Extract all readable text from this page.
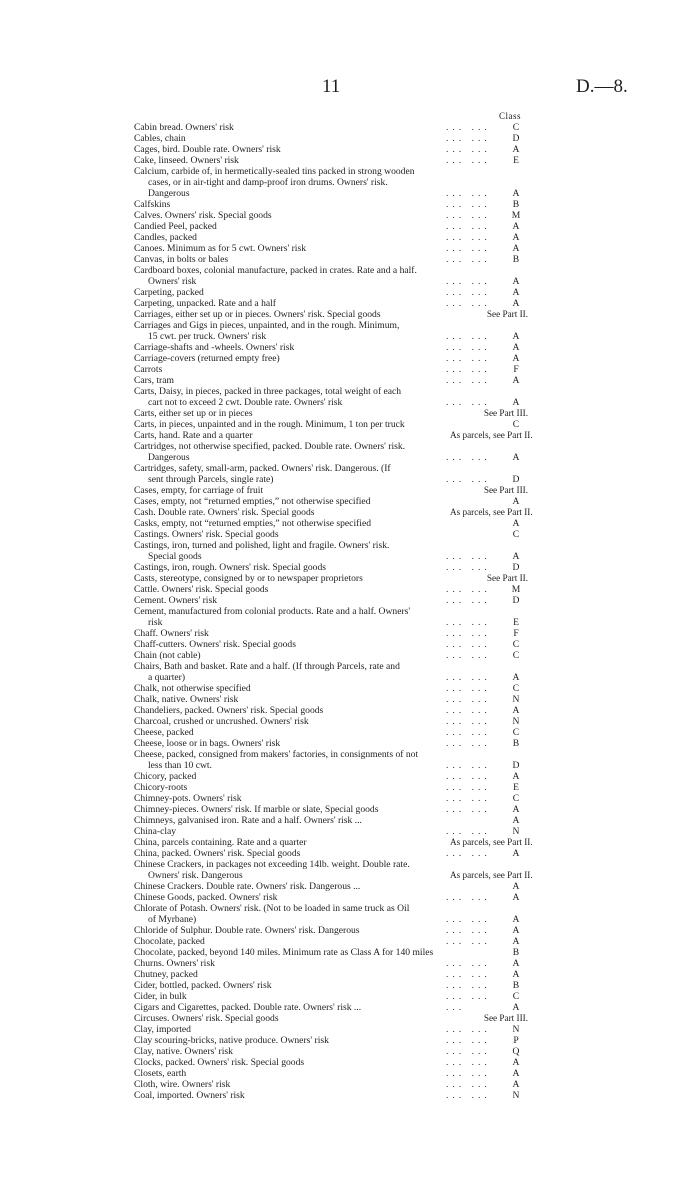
11	D.—8.
Class
Cabin bread. Owners' risk	... ...	C
Cables, chain	... ...	D
Cages, bird. Double rate. Owners' risk	... ...	A
Cake, linseed. Owners' risk	... ...	E
Calcium, carbide of, in hermetically-sealed tins packed in strong wooden
cases, or in air-tight and damp-proof iron drums. Owners' risk.
Dangerous	... ...	A
Calfskins	... ...	B
Calves. Owners' risk. Special goods	... ...	M
Candied Peel, packed	... ...	A
Candles, packed	... ...	A
Canoes. Minimum as for 5 cwt. Owners' risk	... ...	A
Canvas, in bolts or bales	... ...	B
Cardboard boxes, colonial manufacture, packed in crates. Rate and a half.
Owners' risk	... ...	A
Carpeting, packed	... ...	A
Carpeting, unpacked. Rate and a half	... ...	A
Carriages, either set up or in pieces. Owners' risk. Special goods	See Part II.
Carriages and Gigs in pieces, unpainted, and in the rough. Minimum,
15 cwt. per truck. Owners' risk	... ...	A
Carriage-shafts and -wheels. Owners' risk	... ...	A
Carriage-covers (returned empty free)	... ...	A
Carrots	... ...	F
Cars, tram	... ...	A
Carts, Daisy, in pieces, packed in three packages, total weight of each
cart not to exceed 2 cwt. Double rate. Owners' risk	... ...	A
Carts, either set up or in pieces	See Part III.
Carts, in pieces, unpainted and in the rough. Minimum, 1 ton per truck	C
Carts, hand. Rate and a quarter	As parcels, see Part II.
Cartridges, not otherwise specified, packed. Double rate. Owners' risk.
Dangerous	... ...	A
Cartridges, safety, small-arm, packed. Owners' risk. Dangerous. (If
sent through Parcels, single rate)	... ...	D
Cases, empty, for carriage of fruit	See Part III.
Cases, empty, not “returned empties,” not otherwise specified	A
Cash. Double rate. Owners' risk. Special goods	As parcels, see Part II.
Casks, empty, not “returned empties,” not otherwise specified	A
Castings. Owners' risk. Special goods	C
Castings, iron, turned and polished, light and fragile. Owners' risk.
Special goods	... ...	A
Castings, iron, rough. Owners' risk. Special goods	... ...	D
Casts, stereotype, consigned by or to newspaper proprietors	See Part II.
Cattle. Owners' risk. Special goods	... ...	M
Cement. Owners' risk	... ...	D
Cement, manufactured from colonial products. Rate and a half. Owners'
risk	... ...	E
Chaff. Owners' risk	... ...	F
Chaff-cutters. Owners' risk. Special goods	... ...	C
Chain (not cable)	... ...	C
Chairs, Bath and basket. Rate and a half. (If through Parcels, rate and
a quarter)	... ...	A
Chalk, not otherwise specified	... ...	C
Chalk, native. Owners' risk	... ...	N
Chandeliers, packed. Owners' risk. Special goods	... ...	A
Charcoal, crushed or uncrushed. Owners' risk	... ...	N
Cheese, packed	... ...	C
Cheese, loose or in bags. Owners' risk	... ...	B
Cheese, packed, consigned from makers' factories, in consignments of not
less than 10 cwt.	... ...	D
Chicory, packed	... ...	A
Chicory-roots	... ...	E
Chimney-pots. Owners' risk	... ...	C
Chimney-pieces. Owners' risk. If marble or slate, Special goods	... ...	A
Chimneys, galvanised iron. Rate and a half. Owners' risk ...	A
China-clay	... ...	N
China, parcels containing. Rate and a quarter	As parcels, see Part II.
China, packed. Owners' risk. Special goods	... ...	A
Chinese Crackers, in packages not exceeding 14lb. weight. Double rate.
Owners' risk. Dangerous	As parcels, see Part II.
Chinese Crackers. Double rate. Owners' risk. Dangerous ...	A
Chinese Goods, packed. Owners' risk	... ...	A
Chlorate of Potash. Owners' risk. (Not to be loaded in same truck as Oil
of Myrbane)	... ...	A
Chloride of Sulphur. Double rate. Owners' risk. Dangerous	... ...	A
Chocolate, packed	... ...	A
Chocolate, packed, beyond 140 miles. Minimum rate as Class A for 140 miles	B
Churns. Owners' risk	... ...	A
Chutney, packed	... ...	A
Cider, bottled, packed. Owners' risk	... ...	B
Cider, in bulk	... ...	C
Cigars and Cigarettes, packed. Double rate. Owners' risk ...	...	A
Circuses. Owners' risk. Special goods	See Part III.
Clay, imported	... ...	N
Clay scouring-bricks, native produce. Owners' risk	... ...	P
Clay, native. Owners' risk	... ...	Q
Clocks, packed. Owners' risk. Special goods	... ...	A
Closets, earth	... ...	A
Cloth, wire. Owners' risk	... ...	A
Coal, imported. Owners' risk	... ...	N
